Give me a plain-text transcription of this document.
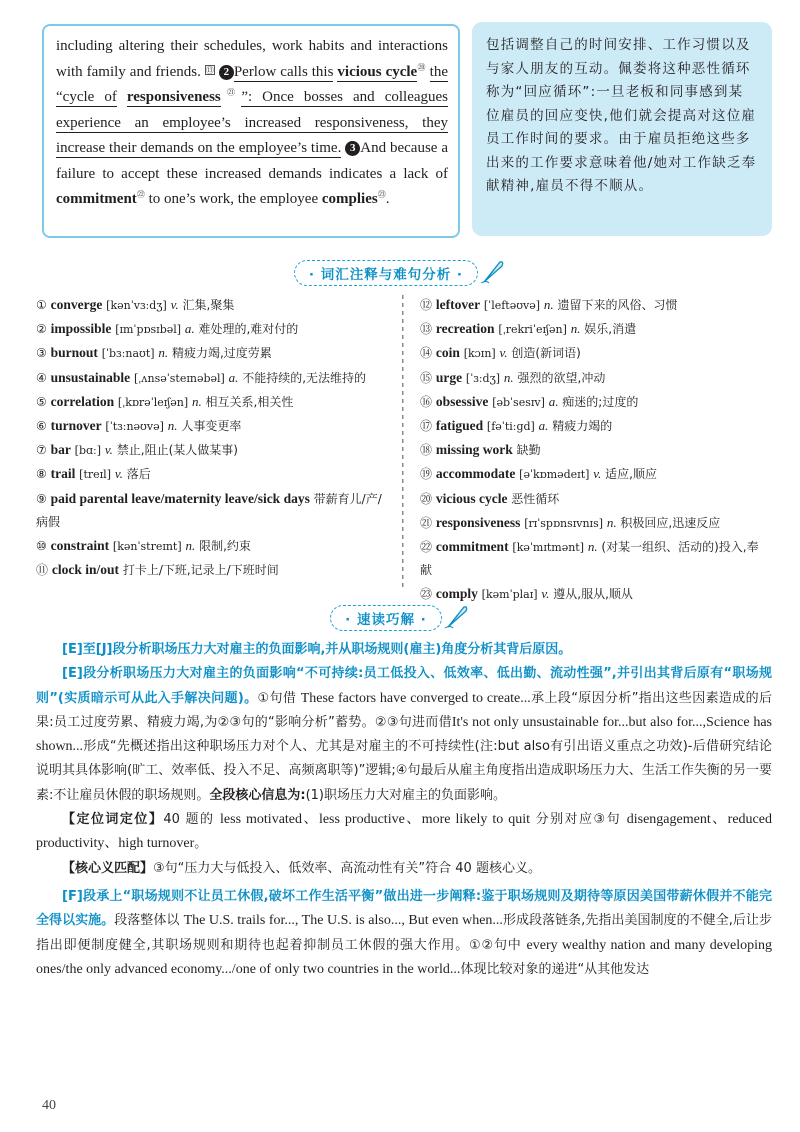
including altering their schedules, work habits and interactions with family and friends. ⑬ 2 Perlow calls this vicious cycle⑳ the “cycle of responsiveness$^㉑$”: Once bosses and colleagues experience an employee’s increased responsiveness, they increase their demands on the employee’s time. 3 And because a failure to accept these increased demands indicates a lack of commitment$^㉒$ to one’s work, the employee complies$^㉓$.

包括调整自己的时间安排、工作习惯以及与家人朋友的互动。佩娄将这种恶性循环称为“回应循环”:一旦老板和同事感到某位雇员的回应变快,他们就会提高对这位雇员工作时间的要求。由于雇员拒绝这些多出来的工作要求意味着他/她对工作缺乏奉献精神,雇员不得不顺从。

· 词汇注释与难句分析 ·
① converge [kənˈvɜːdʒ] v. 汇集,聚集
② impossible [ɪmˈpɒsɪbəl] a. 难处理的,难对付的
③ burnout [ˈbɜːnaʊt] n. 精疲力竭,过度劳累
④ unsustainable [ˌʌnsəˈsteɪnəbəl] a. 不能持续的,无法维持的
⑤ correlation [ˌkɒrəˈleɪʃən] n. 相互关系,相关性
⑥ turnover [ˈtɜːnəʊvə] n. 人事变更率
⑦ bar [bɑː] v. 禁止,阻止(某人做某事)
⑧ trail [treɪl] v. 落后
⑨ paid parental leave/maternity leave/sick days 带薪育儿/产/病假
⑩ constraint [kənˈstreɪnt] n. 限制,约束
⑪ clock in/out 打卡上/下班,记录上/下班时间
⑫ leftover [ˈleftəʊvə] n. 遗留下来的风俗、习惯
⑬ recreation [ˌrekriˈeɪʃən] n. 娱乐,消遣
⑭ coin [kɔɪn] v. 创造(新词语)
⑮ urge [ˈɜːdʒ] n. 强烈的欲望,冲动
⑯ obsessive [əbˈsesɪv] a. 痴迷的;过度的
⑰ fatigued [fəˈtiːgd] a. 精疲力竭的
⑱ missing work 缺勤
⑲ accommodate [əˈkɒmədeɪt] v. 适应,顺应
⑳ vicious cycle 恶性循环
㉑ responsiveness [rɪˈspɒnsɪvnɪs] n. 积极回应,迅速反应
㉒ commitment [kəˈmɪtmənt] n. (对某一组织、活动的)投入,奉献
㉓ comply [kəmˈplaɪ] v. 遵从,服从,顺从
· 速读巧解 ·

[E]至[J]段分析职场压力大对雇主的负面影响,并从职场规则(雇主)角度分析其背后原因。

[E]段分析职场压力大对雇主的负面影响“不可持续:员工低投入、低效率、低出勤、流动性强”,并引出其背后原有“职场规则”(实质暗示可从此入手解决问题)。①句借 These factors have converged to create...承上段“原因分析”指出这些因素造成的后果:员工过度劳累、精疲力竭,为②③句的“影响分析”蓄势。②③句进而借It's not only unsustainable for...but also for...,Science has shown...形成“先概述指出这种职场压力对个人、尤其是对雇主的不可持续性(注:but also有引出语义重点之功效)-后借研究结论说明其具体影响(旷工、效率低、投入不足、高频离职等)”逻辑;④句最后从雇主角度指出造成职场压力大、生活工作失衡的另一要素:不让雇员休假的职场规则。全段核心信息为:(1)职场压力大对雇主的负面影响。

【定位词定位】40 题的 less motivated、less productive、more likely to quit 分别对应③句 disengagement、reduced productivity、high turnover。

【核心义匹配】③句“压力大与低投入、低效率、高流动性有关”符合 40 题核心义。

[F]段承上“职场规则不让员工休假,破坏工作生活平衡”做出进一步阐释:鉴于职场规则及期待等原因美国带薪休假并不能完全得以实施。段落整体以 The U.S. trails for..., The U.S. is also..., But even when...形成段落链条,先指出美国制度的不健全,后让步指出即便制度健全,其职场规则和期待也起着抑制员工休假的强大作用。①②句中 every wealthy nation and many developing ones/the only advanced economy.../one of only two countries in the world...体现比较对象的递进“从其他发达

40
